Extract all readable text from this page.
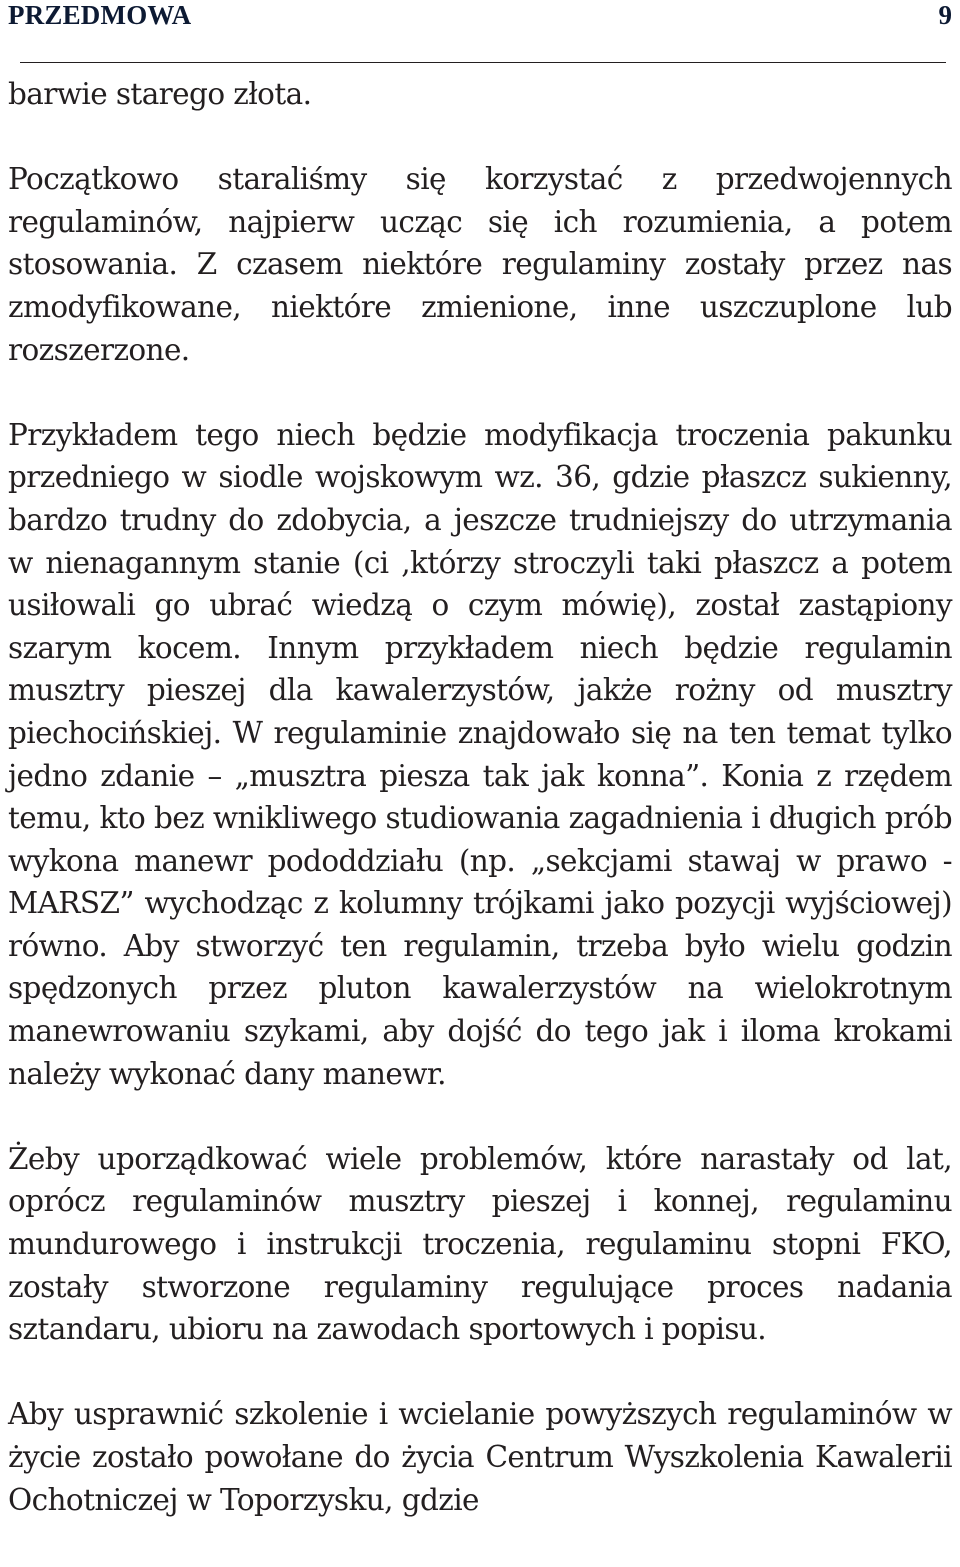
PRZEDMOWA	9

barwie starego złota.

Początkowo staraliśmy się korzystać z przedwojennych regulaminów, najpierw ucząc się ich rozumienia, a potem stosowania. Z czasem niektóre regulaminy zostały przez nas zmodyfikowane, niektóre zmienione, inne uszczuplone lub rozszerzone.

Przykładem tego niech będzie modyfikacja troczenia pakunku przedniego w siodle wojskowym wz. 36, gdzie płaszcz sukienny, bardzo trudny do zdobycia, a jeszcze trudniejszy do utrzymania w nienagannym stanie (ci ,którzy stroczyli taki płaszcz a potem usiłowali go ubrać wiedzą o czym mówię), został zastąpiony szarym kocem. Innym przykładem niech będzie regulamin musztry pieszej dla kawalerzystów, jakże rożny od musztry piechocińskiej. W regulaminie znajdowało się na ten temat tylko jedno zdanie – „musztra piesza tak jak konna”. Konia z rzędem temu, kto bez wnikliwego studiowania zagadnienia i długich prób wykona manewr pododdziału (np. „sekcjami stawaj w prawo - MARSZ” wychodząc z kolumny trójkami jako pozycji wyjściowej) równo. Aby stworzyć ten regulamin, trzeba było wielu godzin spędzonych przez pluton kawalerzystów na wielokrotnym manewrowaniu szykami, aby dojść do tego jak i iloma krokami należy wykonać dany manewr.

Żeby uporządkować wiele problemów, które narastały od lat, oprócz regulaminów musztry pieszej i konnej, regulaminu mundurowego i instrukcji troczenia, regulaminu stopni FKO, zostały stworzone regulaminy regulujące proces nadania sztandaru, ubioru na zawodach sportowych i popisu.

Aby usprawnić szkolenie i wcielanie powyższych regulaminów w życie zostało powołane do życia Centrum Wyszkolenia Kawalerii Ochotniczej w Toporzysku, gdzie
